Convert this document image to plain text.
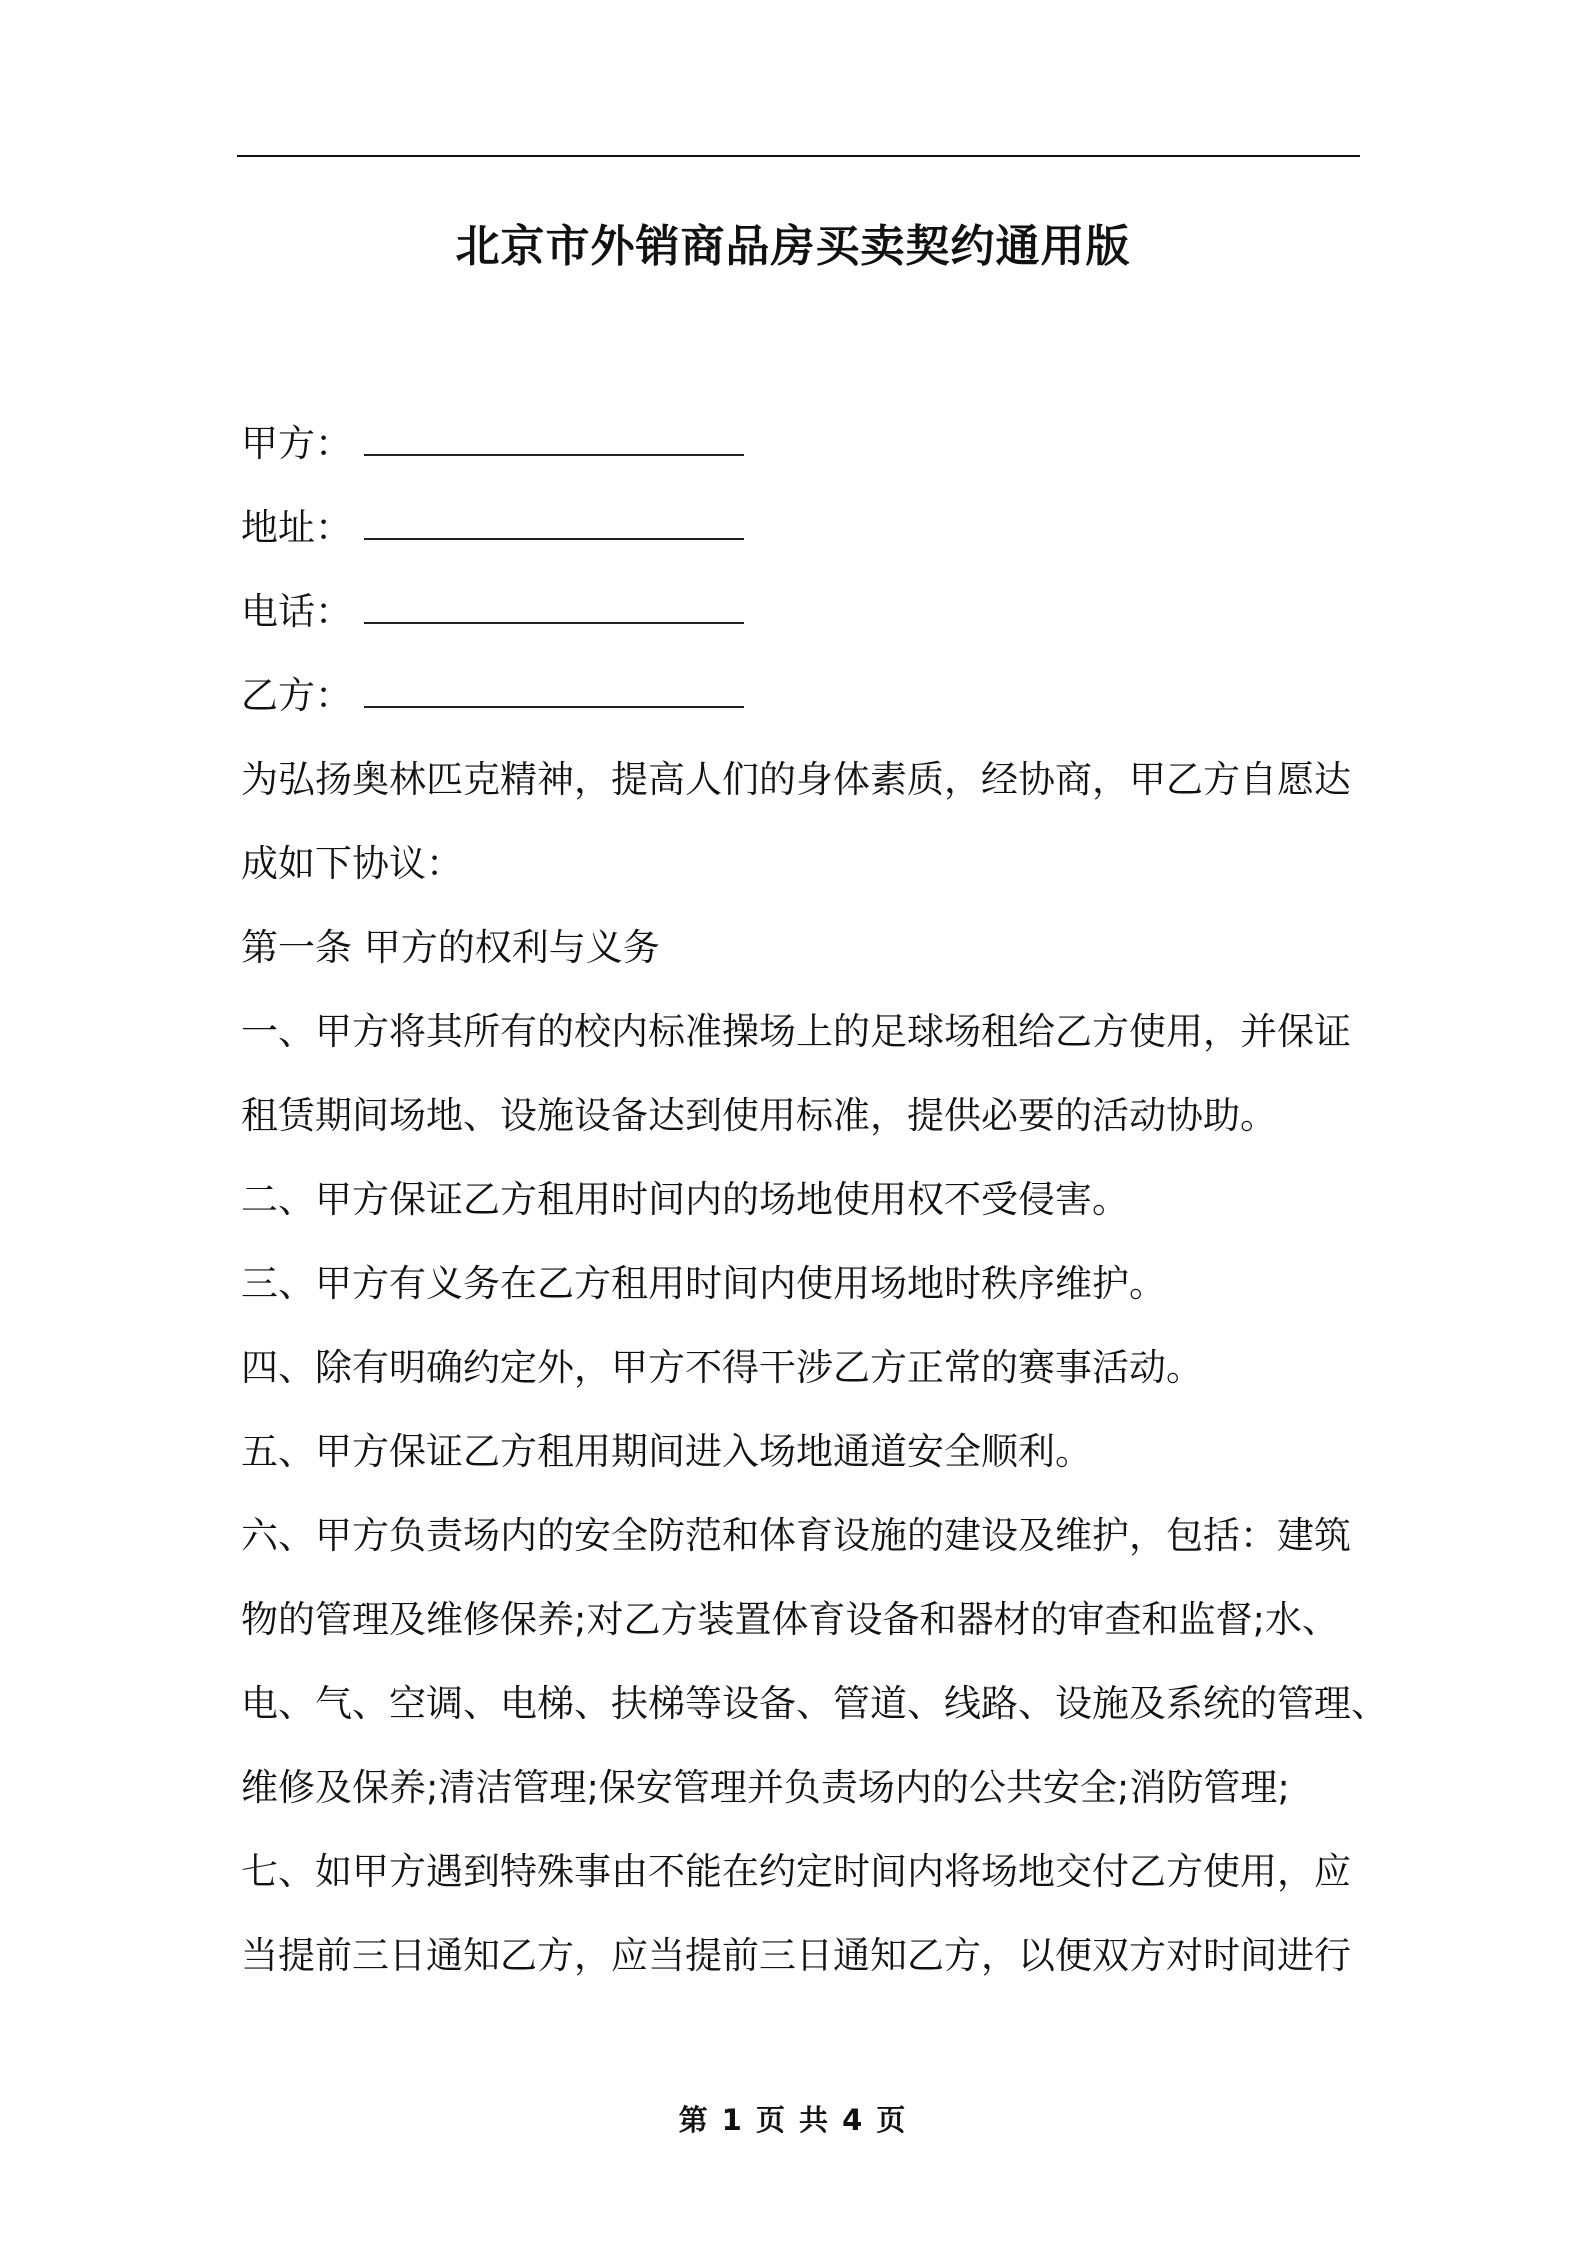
北京市外销商品房买卖契约通用版
甲方：
地址：
电话：
乙方：
为弘扬奥林匹克精神，提高人们的身体素质，经协商，甲乙方自愿达
成如下协议：
第一条 甲方的权利与义务
一、甲方将其所有的校内标准操场上的足球场租给乙方使用，并保证
租赁期间场地、设施设备达到使用标准，提供必要的活动协助。
二、甲方保证乙方租用时间内的场地使用权不受侵害。
三、甲方有义务在乙方租用时间内使用场地时秩序维护。
四、除有明确约定外，甲方不得干涉乙方正常的赛事活动。
五、甲方保证乙方租用期间进入场地通道安全顺利。
六、甲方负责场内的安全防范和体育设施的建设及维护，包括：建筑
物的管理及维修保养;对乙方装置体育设备和器材的审查和监督;水、
电、气、空调、电梯、扶梯等设备、管道、线路、设施及系统的管理、
维修及保养;清洁管理;保安管理并负责场内的公共安全;消防管理;
七、如甲方遇到特殊事由不能在约定时间内将场地交付乙方使用，应
当提前三日通知乙方，应当提前三日通知乙方，以便双方对时间进行
第 1 页 共 4 页
